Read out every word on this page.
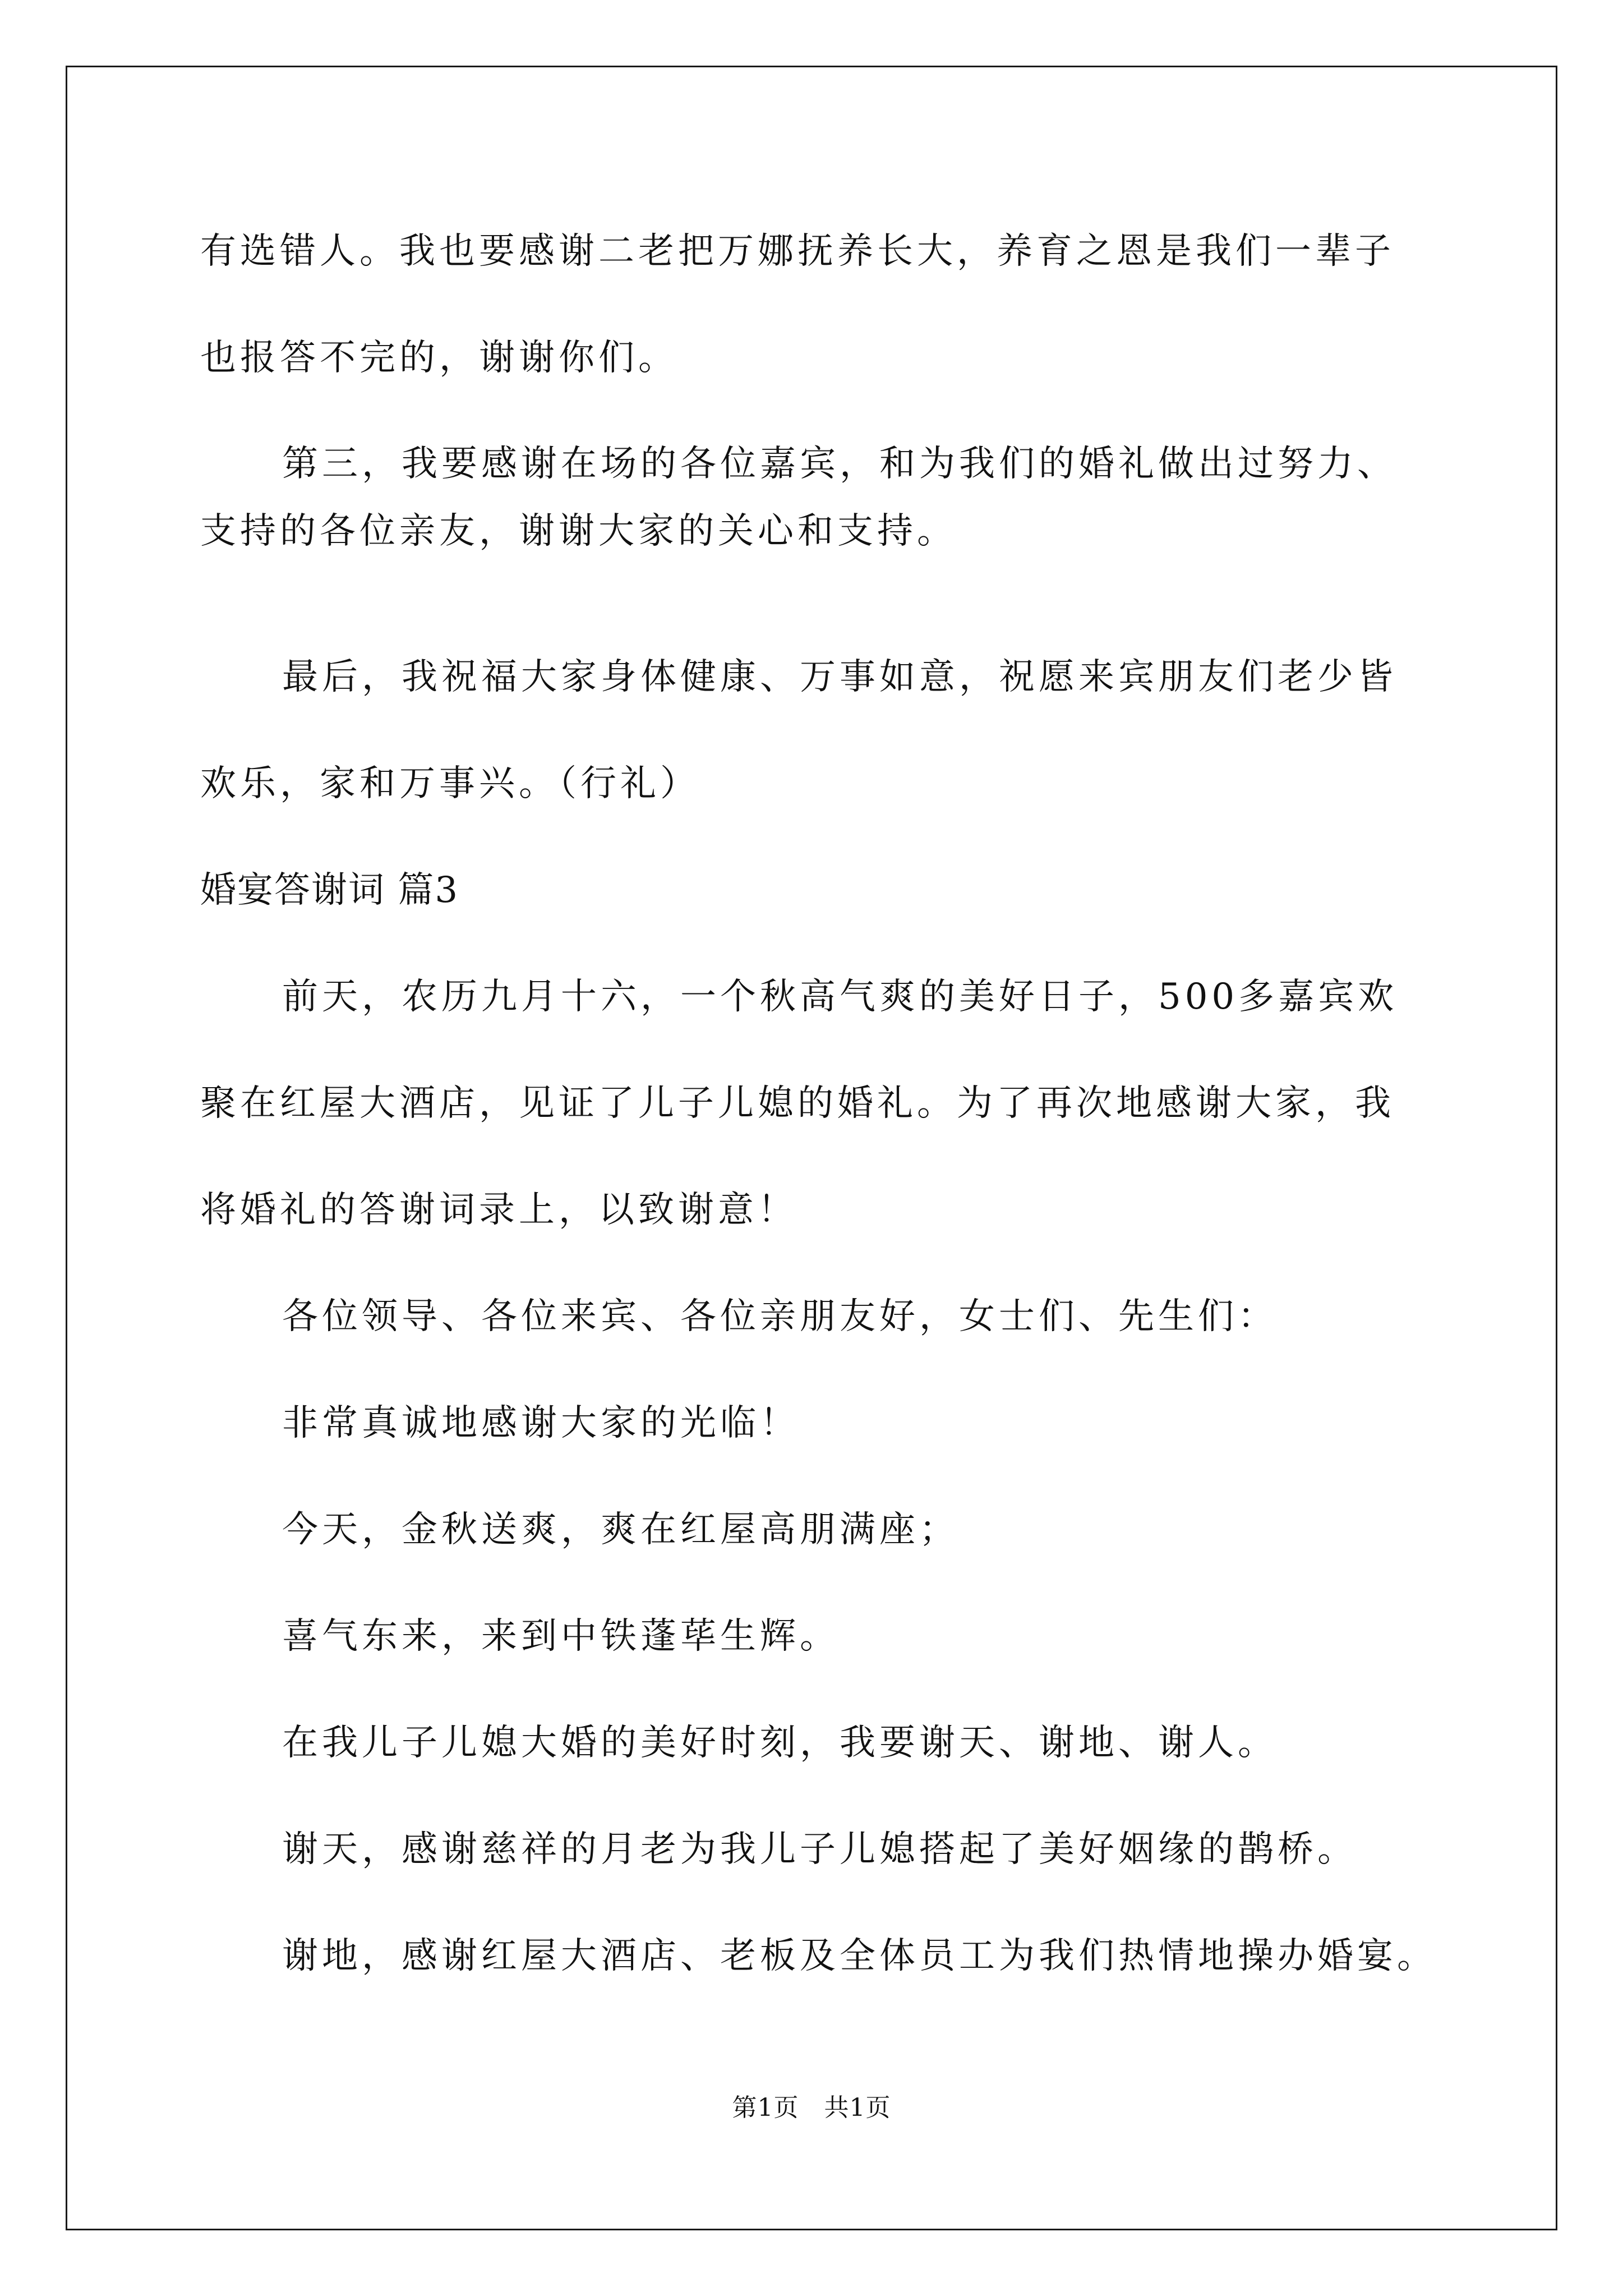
有选错人。我也要感谢二老把万娜抚养长大，养育之恩是我们一辈子
也报答不完的，谢谢你们。
第三，我要感谢在场的各位嘉宾，和为我们的婚礼做出过努力、
支持的各位亲友，谢谢大家的关心和支持。
最后，我祝福大家身体健康、万事如意，祝愿来宾朋友们老少皆
欢乐，家和万事兴。（行礼）
婚宴答谢词 篇3
前天，农历九月十六，一个秋高气爽的美好日子，500多嘉宾欢
聚在红屋大酒店，见证了儿子儿媳的婚礼。为了再次地感谢大家，我
将婚礼的答谢词录上，以致谢意！
各位领导、各位来宾、各位亲朋友好，女士们、先生们：
非常真诚地感谢大家的光临！
今天，金秋送爽，爽在红屋高朋满座；
喜气东来，来到中铁蓬荜生辉。
在我儿子儿媳大婚的美好时刻，我要谢天、谢地、谢人。
谢天，感谢慈祥的月老为我儿子儿媳搭起了美好姻缘的鹊桥。
谢地，感谢红屋大酒店、老板及全体员工为我们热情地操办婚宴。
第1页　共1页
